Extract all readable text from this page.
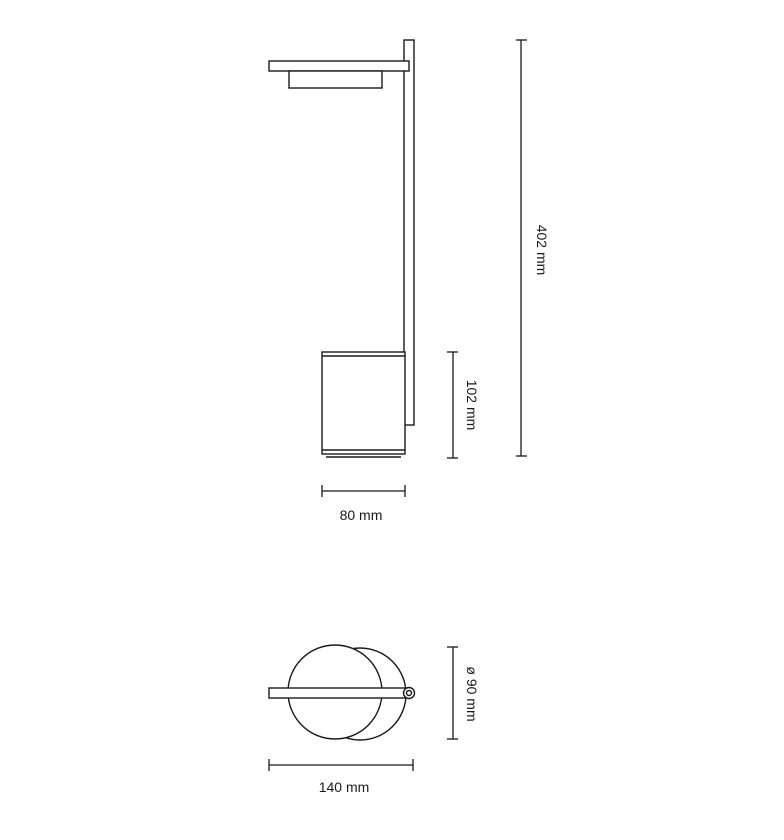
402 mm
102 mm
80 mm
ø 90 mm
140 mm
